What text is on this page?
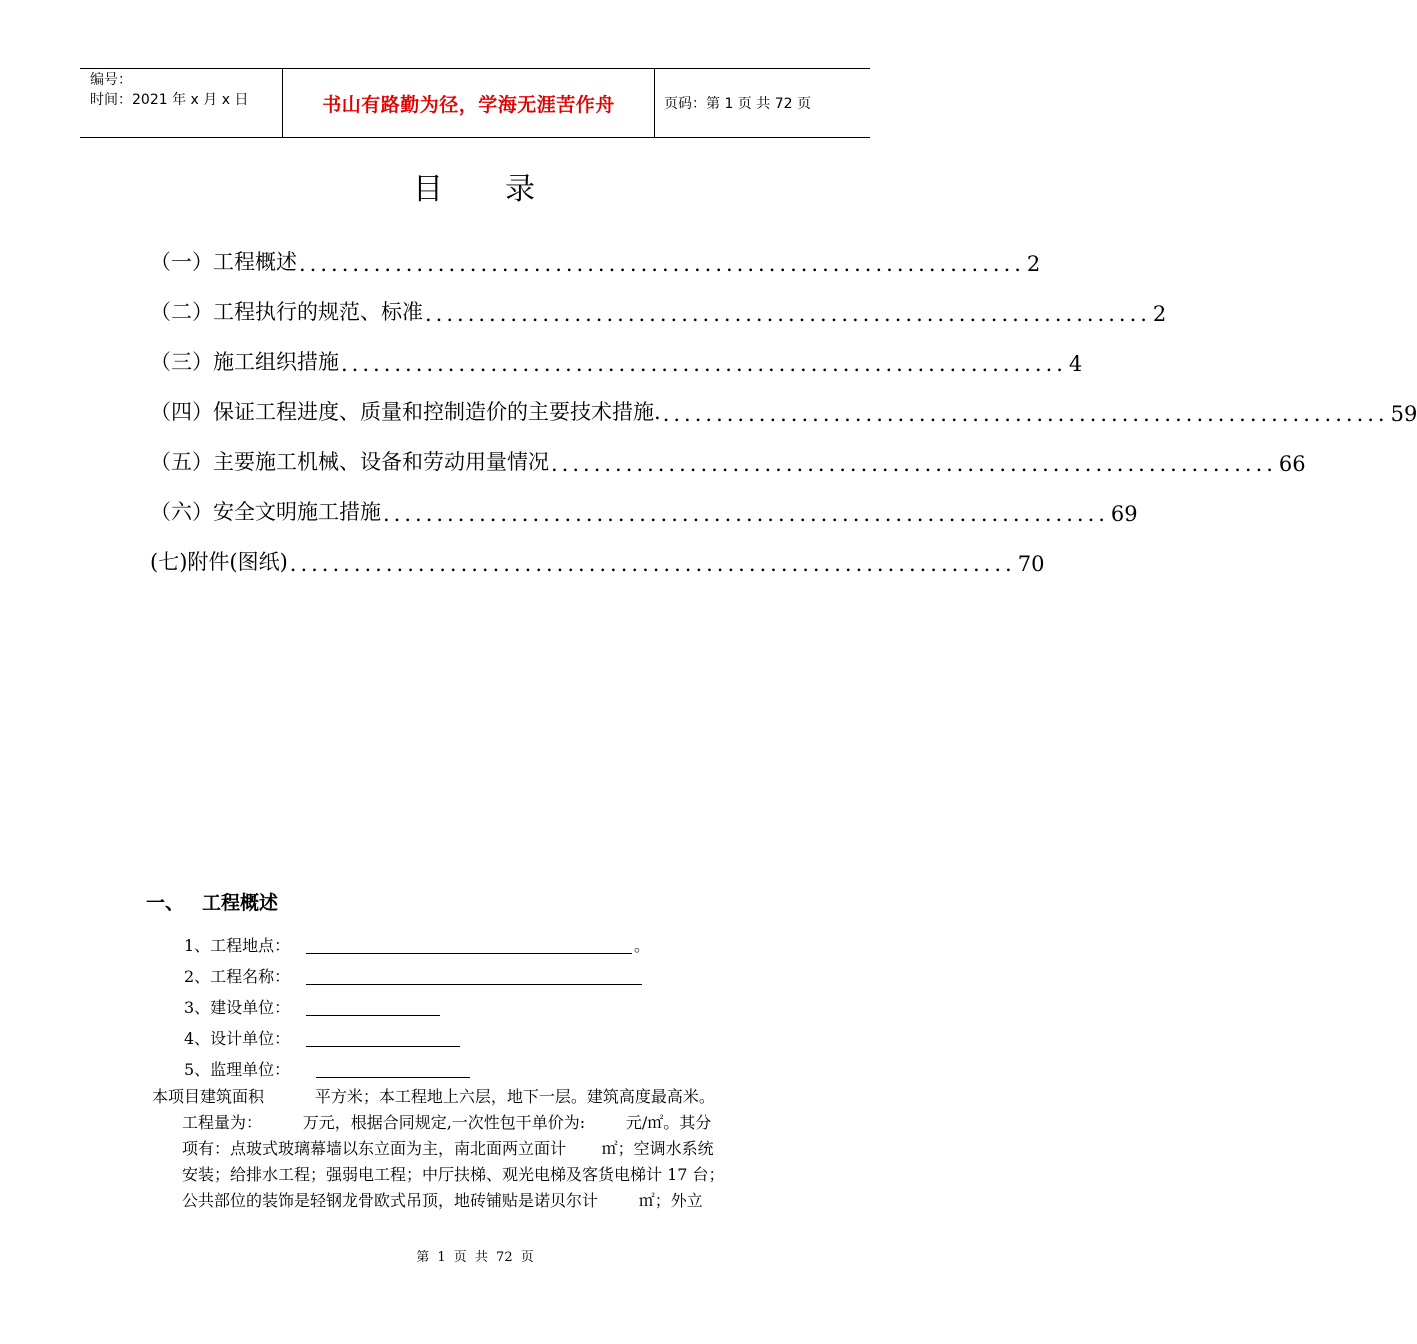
编号：
时间：2021 年 x 月 x 日	书山有路勤为径，学海无涯苦作舟	页码：第 1 页 共 72 页
目 录
（一）工程概述 .................................................................... 2
（二）工程执行的规范、标准 .................................................................... 2
（三）施工组织措施 .................................................................... 4
（四）保证工程进度、质量和控制造价的主要技术措施. .................................................................... 59
（五）主要施工机械、设备和劳动用量情况 .................................................................... 66
（六）安全文明施工措施 .................................................................... 69
(七)附件(图纸) .................................................................... 70
一、 工程概述
1、工程地点：	。
2、工程名称：
3、建设单位：
4、设计单位：
5、监理单位：
本项目建筑面积          平方米；本工程地上六层，地下一层。建筑高度最高米。
工程量为：        万元，根据合同规定,一次性包干单价为:        元/㎡。其分
项有：点玻式玻璃幕墙以东立面为主，南北面两立面计       ㎡；空调水系统
安装；给排水工程；强弱电工程；中厅扶梯、观光电梯及客货电梯计 17 台；
公共部位的装饰是轻钢龙骨欧式吊顶，地砖铺贴是诺贝尔计        ㎡；外立
第 1 页 共 72 页
